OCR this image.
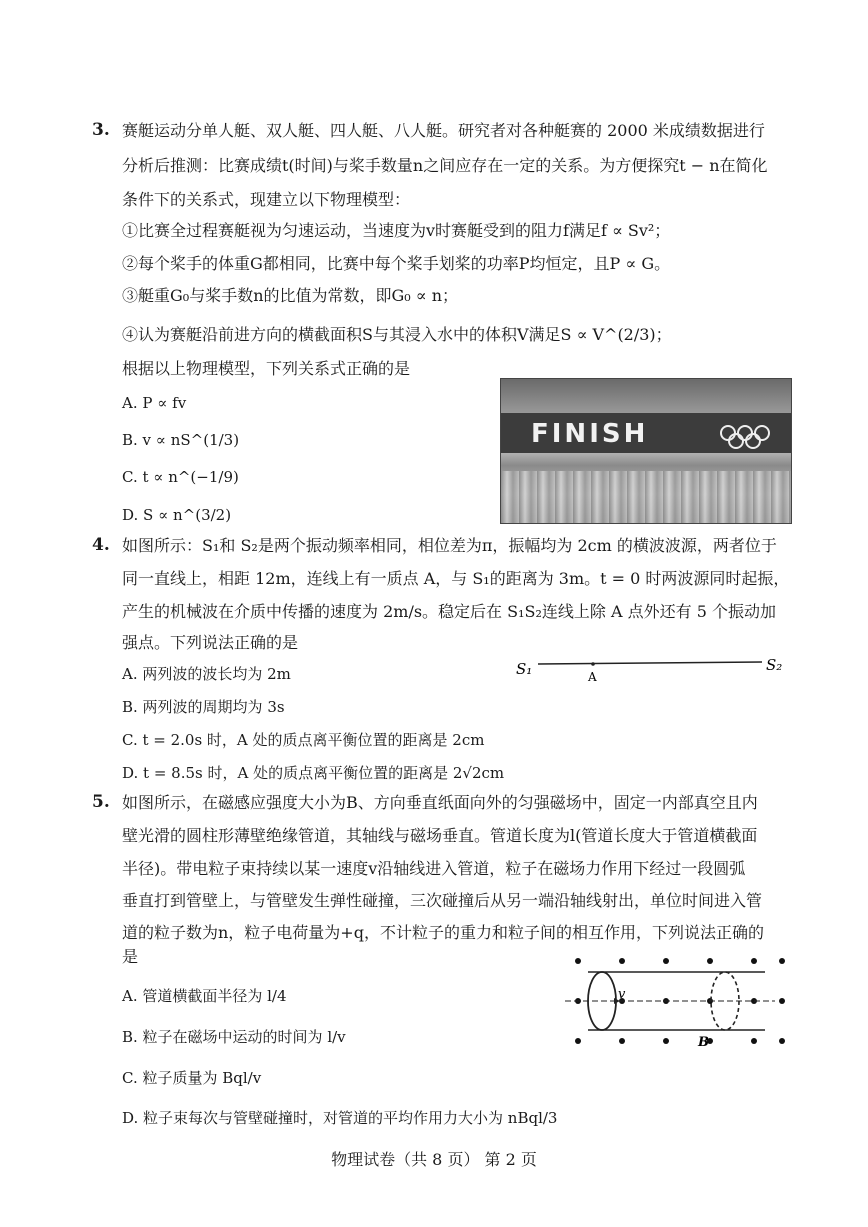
3. 赛艇运动分单人艇、双人艇、四人艇、八人艇。研究者对各种艇赛的 2000 米成绩数据进行
分析后推测：比赛成绩t(时间)与桨手数量n之间应存在一定的关系。为方便探究t − n在简化
条件下的关系式，现建立以下物理模型：
①比赛全过程赛艇视为匀速运动，当速度为v时赛艇受到的阻力f满足f ∝ Sv²；
②每个桨手的体重G都相同，比赛中每个桨手划桨的功率P均恒定，且P ∝ G。
③艇重G₀与桨手数n的比值为常数，即G₀ ∝ n；
④认为赛艇沿前进方向的横截面积S与其浸入水中的体积V满足S ∝ V^(2/3)；
根据以上物理模型，下列关系式正确的是
A. P ∝ fv
B. v ∝ nS^(1/3)
C. t ∝ n^(−1/9)
D. S ∝ n^(3/2)
FINISH
4. 如图所示：S₁和 S₂是两个振动频率相同，相位差为π，振幅均为 2cm 的横波波源，两者位于
同一直线上，相距 12m，连线上有一质点 A，与 S₁的距离为 3m。t = 0 时两波源同时起振，
产生的机械波在介质中传播的速度为 2m/s。稳定后在 S₁S₂连线上除 A 点外还有 5 个振动加
强点。下列说法正确的是
A. 两列波的波长均为 2m
B. 两列波的周期均为 3s
C. t = 2.0s 时，A 处的质点离平衡位置的距离是 2cm
D. t = 8.5s 时，A 处的质点离平衡位置的距离是 2√2cm
S₁	A
S₂
5. 如图所示，在磁感应强度大小为B、方向垂直纸面向外的匀强磁场中，固定一内部真空且内
壁光滑的圆柱形薄壁绝缘管道，其轴线与磁场垂直。管道长度为l(管道长度大于管道横截面
半径)。带电粒子束持续以某一速度v沿轴线进入管道，粒子在磁场力作用下经过一段圆弧
垂直打到管壁上，与管壁发生弹性碰撞，三次碰撞后从另一端沿轴线射出，单位时间进入管
道的粒子数为n，粒子电荷量为+q，不计粒子的重力和粒子间的相互作用，下列说法正确的
是
A. 管道横截面半径为 l/4
B. 粒子在磁场中运动的时间为 l/v
C. 粒子质量为 Bql/v
D. 粒子束每次与管壁碰撞时，对管道的平均作用力大小为 nBql/3
v
B
物理试卷（共 8 页） 第 2 页
